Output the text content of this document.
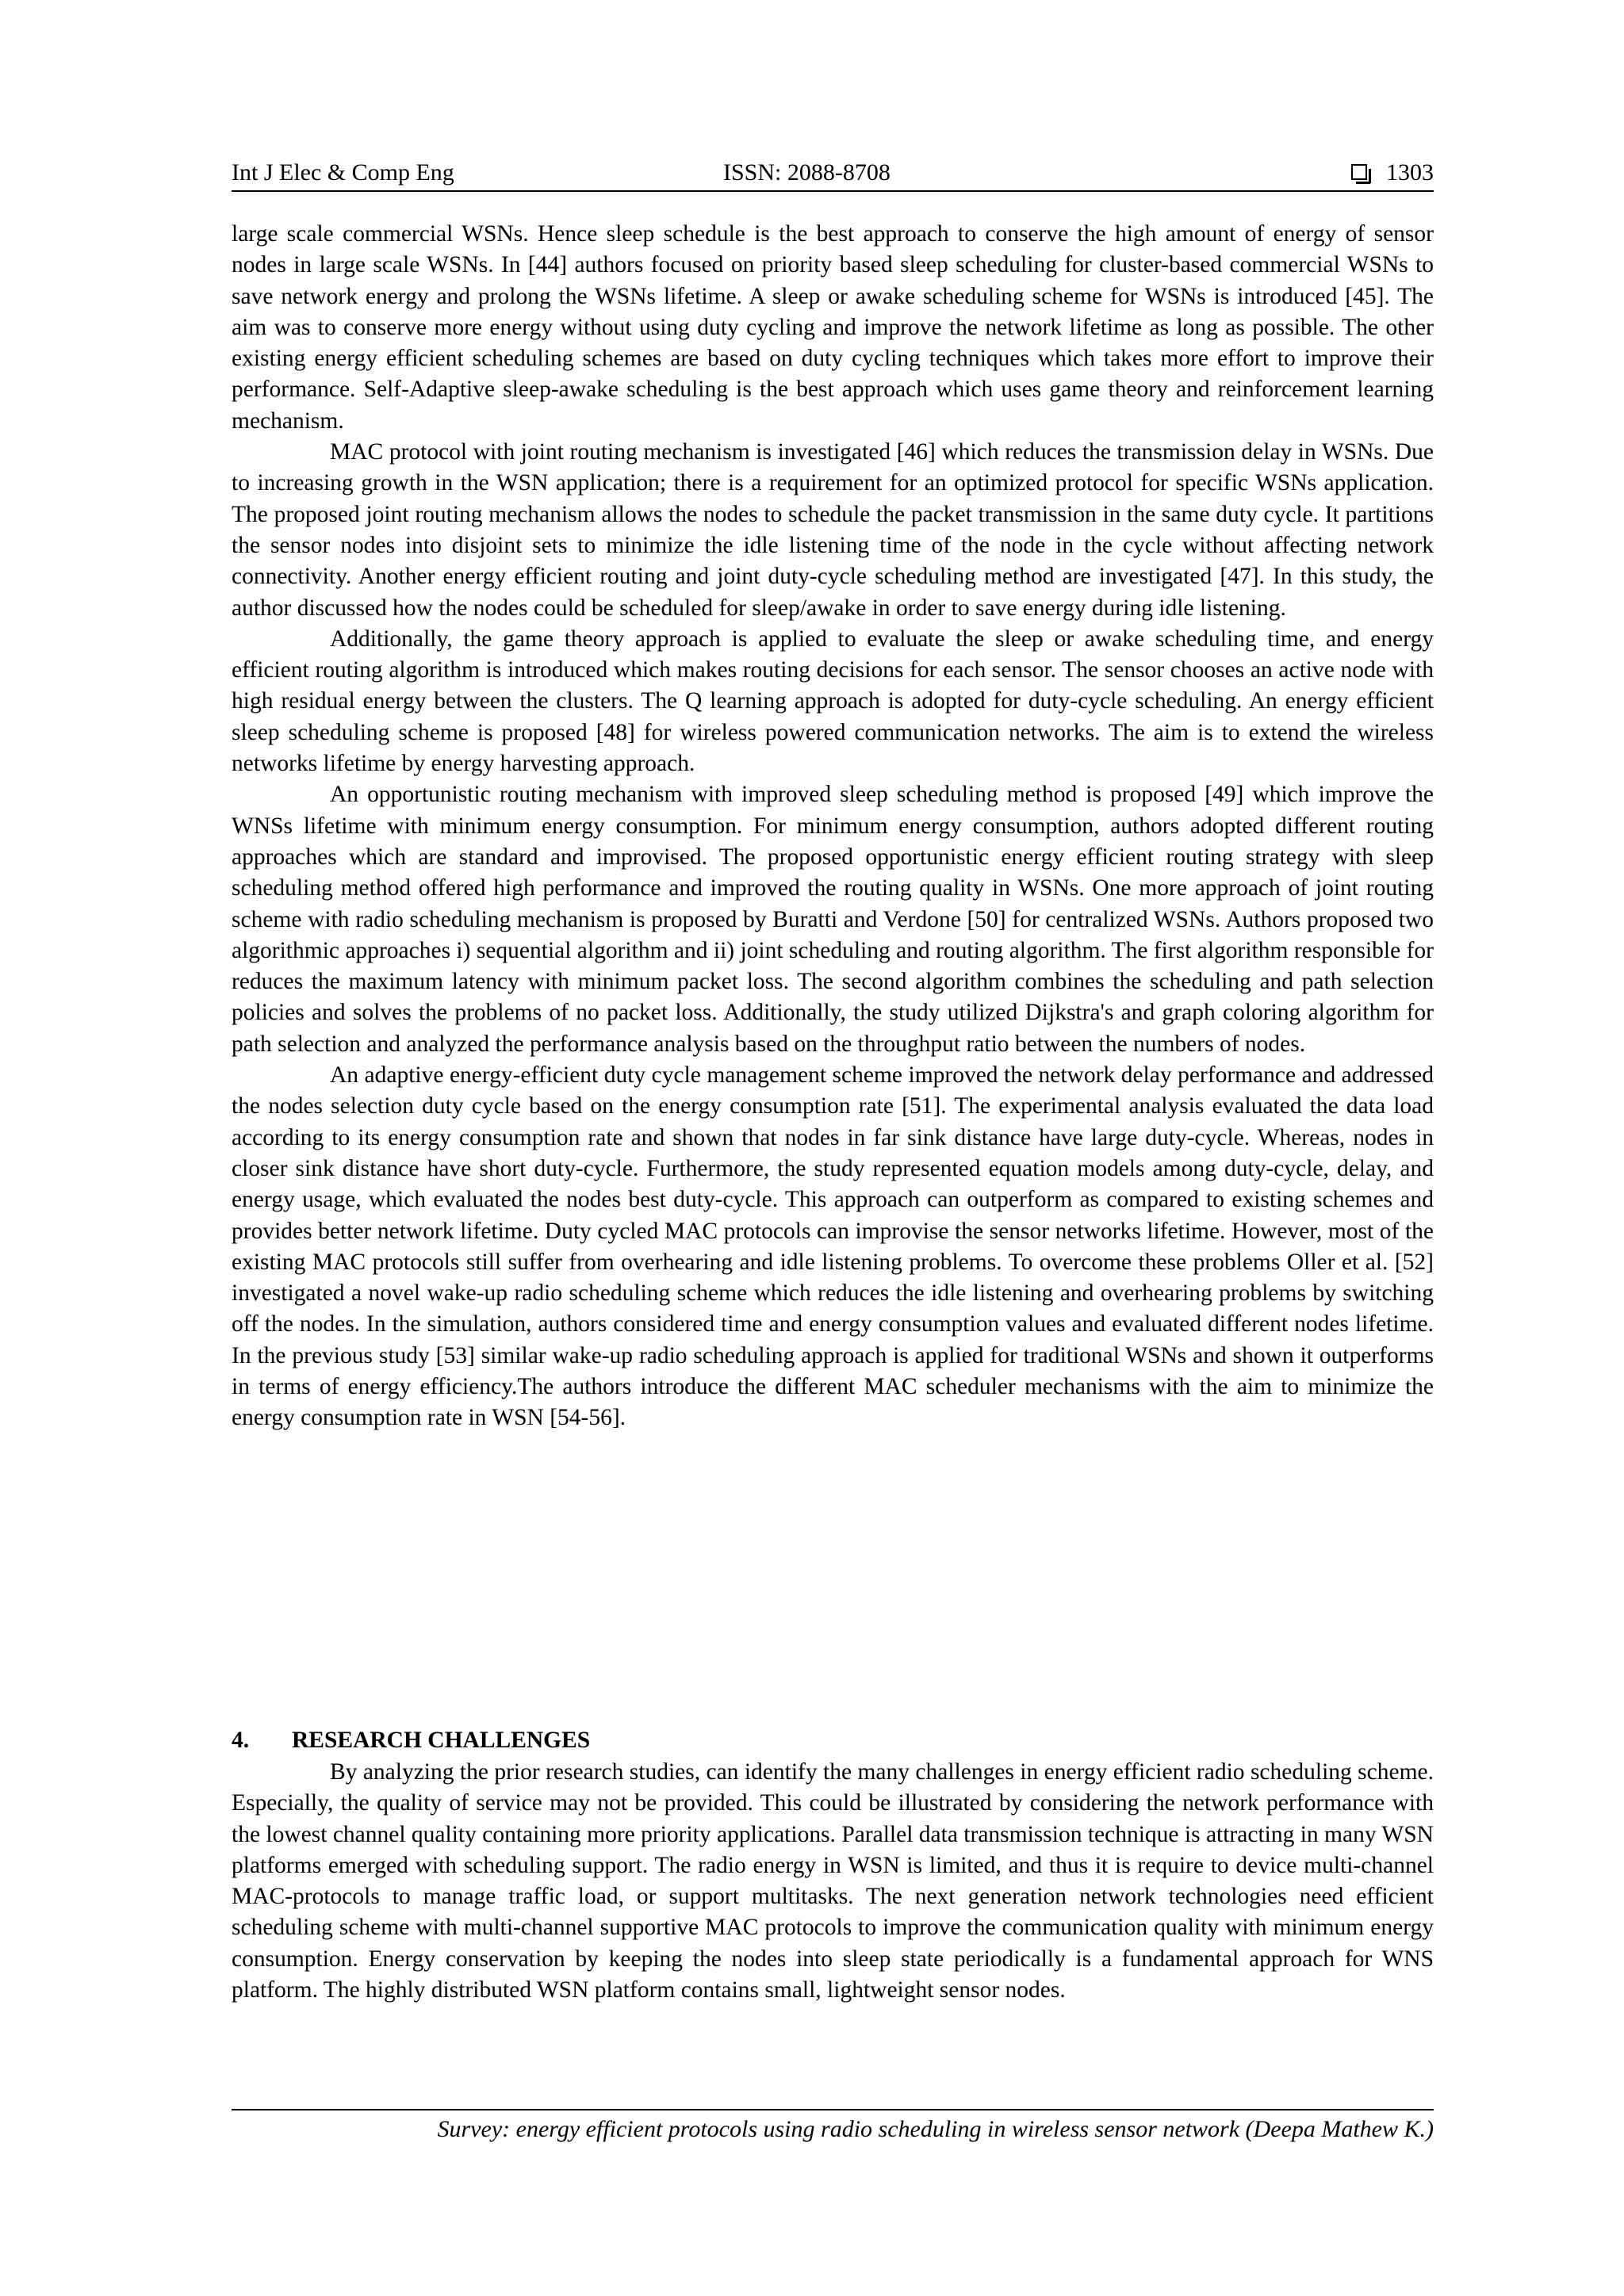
Int J Elec & Comp Eng	ISSN: 2088-8708	1303

large scale commercial WSNs. Hence sleep schedule is the best approach to conserve the high amount of energy of sensor nodes in large scale WSNs. In [44] authors focused on priority based sleep scheduling for cluster-based commercial WSNs to save network energy and prolong the WSNs lifetime. A sleep or awake scheduling scheme for WSNs is introduced [45]. The aim was to conserve more energy without using duty cycling and improve the network lifetime as long as possible. The other existing energy efficient scheduling schemes are based on duty cycling techniques which takes more effort to improve their performance. Self-Adaptive sleep-awake scheduling is the best approach which uses game theory and reinforcement learning mechanism.

MAC protocol with joint routing mechanism is investigated [46] which reduces the transmission delay in WSNs. Due to increasing growth in the WSN application; there is a requirement for an optimized protocol for specific WSNs application. The proposed joint routing mechanism allows the nodes to schedule the packet transmission in the same duty cycle. It partitions the sensor nodes into disjoint sets to minimize the idle listening time of the node in the cycle without affecting network connectivity. Another energy efficient routing and joint duty-cycle scheduling method are investigated [47]. In this study, the author discussed how the nodes could be scheduled for sleep/awake in order to save energy during idle listening.

Additionally, the game theory approach is applied to evaluate the sleep or awake scheduling time, and energy efficient routing algorithm is introduced which makes routing decisions for each sensor. The sensor chooses an active node with high residual energy between the clusters. The Q learning approach is adopted for duty-cycle scheduling. An energy efficient sleep scheduling scheme is proposed [48] for wireless powered communication networks. The aim is to extend the wireless networks lifetime by energy harvesting approach.

An opportunistic routing mechanism with improved sleep scheduling method is proposed [49] which improve the WNSs lifetime with minimum energy consumption. For minimum energy consumption, authors adopted different routing approaches which are standard and improvised. The proposed opportunistic energy efficient routing strategy with sleep scheduling method offered high performance and improved the routing quality in WSNs. One more approach of joint routing scheme with radio scheduling mechanism is proposed by Buratti and Verdone [50] for centralized WSNs. Authors proposed two algorithmic approaches i) sequential algorithm and ii) joint scheduling and routing algorithm. The first algorithm responsible for reduces the maximum latency with minimum packet loss. The second algorithm combines the scheduling and path selection policies and solves the problems of no packet loss. Additionally, the study utilized Dijkstra's and graph coloring algorithm for path selection and analyzed the performance analysis based on the throughput ratio between the numbers of nodes.

An adaptive energy-efficient duty cycle management scheme improved the network delay performance and addressed the nodes selection duty cycle based on the energy consumption rate [51]. The experimental analysis evaluated the data load according to its energy consumption rate and shown that nodes in far sink distance have large duty-cycle. Whereas, nodes in closer sink distance have short duty-cycle. Furthermore, the study represented equation models among duty-cycle, delay, and energy usage, which evaluated the nodes best duty-cycle. This approach can outperform as compared to existing schemes and provides better network lifetime. Duty cycled MAC protocols can improvise the sensor networks lifetime. However, most of the existing MAC protocols still suffer from overhearing and idle listening problems. To overcome these problems Oller et al. [52] investigated a novel wake-up radio scheduling scheme which reduces the idle listening and overhearing problems by switching off the nodes. In the simulation, authors considered time and energy consumption values and evaluated different nodes lifetime. In the previous study [53] similar wake-up radio scheduling approach is applied for traditional WSNs and shown it outperforms in terms of energy efficiency.The authors introduce the different MAC scheduler mechanisms with the aim to minimize the energy consumption rate in WSN [54-56].

4. RESEARCH CHALLENGES

By analyzing the prior research studies, can identify the many challenges in energy efficient radio scheduling scheme. Especially, the quality of service may not be provided. This could be illustrated by considering the network performance with the lowest channel quality containing more priority applications. Parallel data transmission technique is attracting in many WSN platforms emerged with scheduling support. The radio energy in WSN is limited, and thus it is require to device multi-channel MAC-protocols to manage traffic load, or support multitasks. The next generation network technologies need efficient scheduling scheme with multi-channel supportive MAC protocols to improve the communication quality with minimum energy consumption. Energy conservation by keeping the nodes into sleep state periodically is a fundamental approach for WNS platform. The highly distributed WSN platform contains small, lightweight sensor nodes.

Survey: energy efficient protocols using radio scheduling in wireless sensor network (Deepa Mathew K.)
